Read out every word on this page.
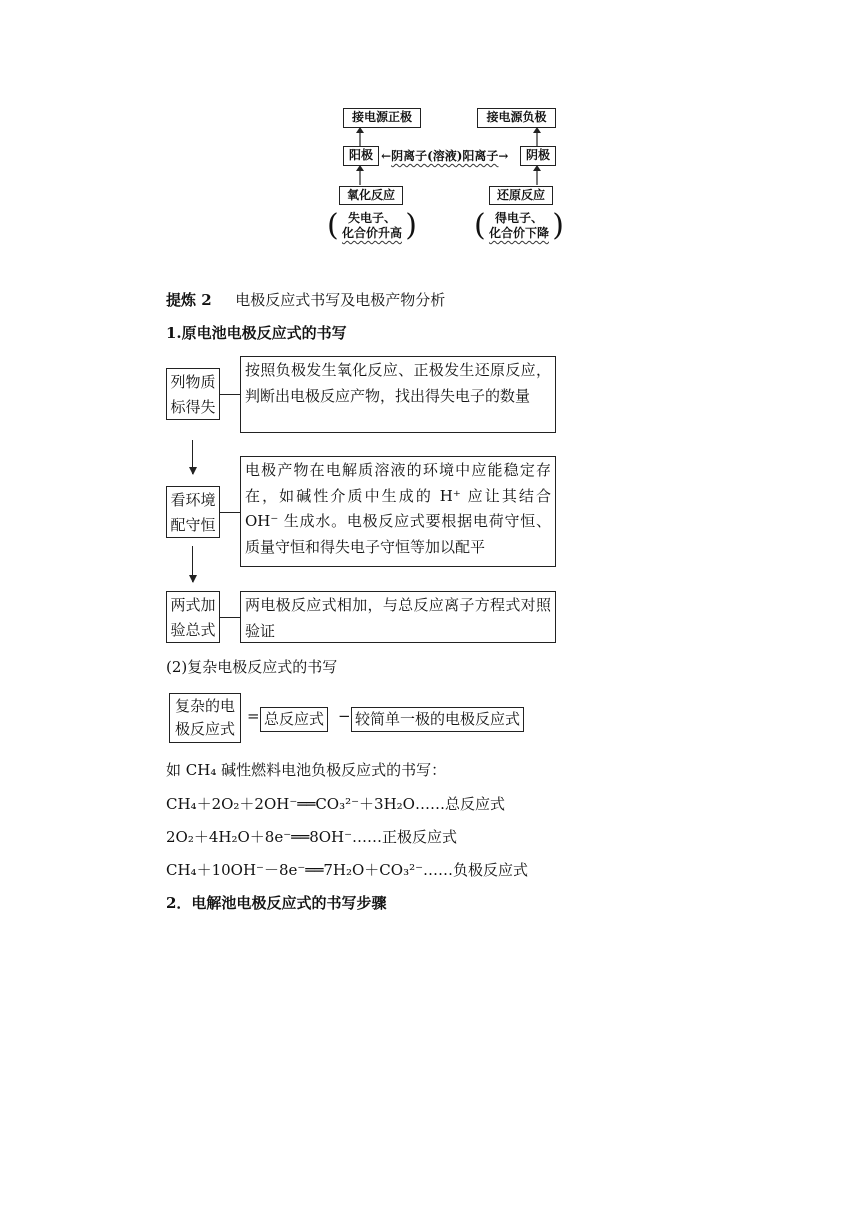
接电源正极	接电源负极
阳极 ←阴离子(溶液)阳离子→	阴极
氧化反应	还原反应
( 失电子、
化合价升高 ) ( 得电子、
化合价下降 )
提炼 2 电极反应式书写及电极产物分析
1.原电池电极反应式的书写
列物质标得失
按照负极发生氧化反应、正极发生还原反应，判断出电极反应产物，找出得失电子的数量
看环境配守恒
电极产物在电解质溶液的环境中应能稳定存在，如碱性介质中生成的 H⁺ 应让其结合 OH⁻ 生成水。电极反应式要根据电荷守恒、质量守恒和得失电子守恒等加以配平
两式加验总式
两电极反应式相加，与总反应离子方程式对照验证
(2)复杂电极反应式的书写
复杂的电极反应式
= 总反应式 − 较简单一极的电极反应式
如 CH₄ 碱性燃料电池负极反应式的书写：
CH₄＋2O₂＋2OH⁻══CO₃²⁻＋3H₂O……总反应式
2O₂＋4H₂O＋8e⁻══8OH⁻……正极反应式
CH₄＋10OH⁻－8e⁻══7H₂O＋CO₃²⁻……负极反应式
2．电解池电极反应式的书写步骤
